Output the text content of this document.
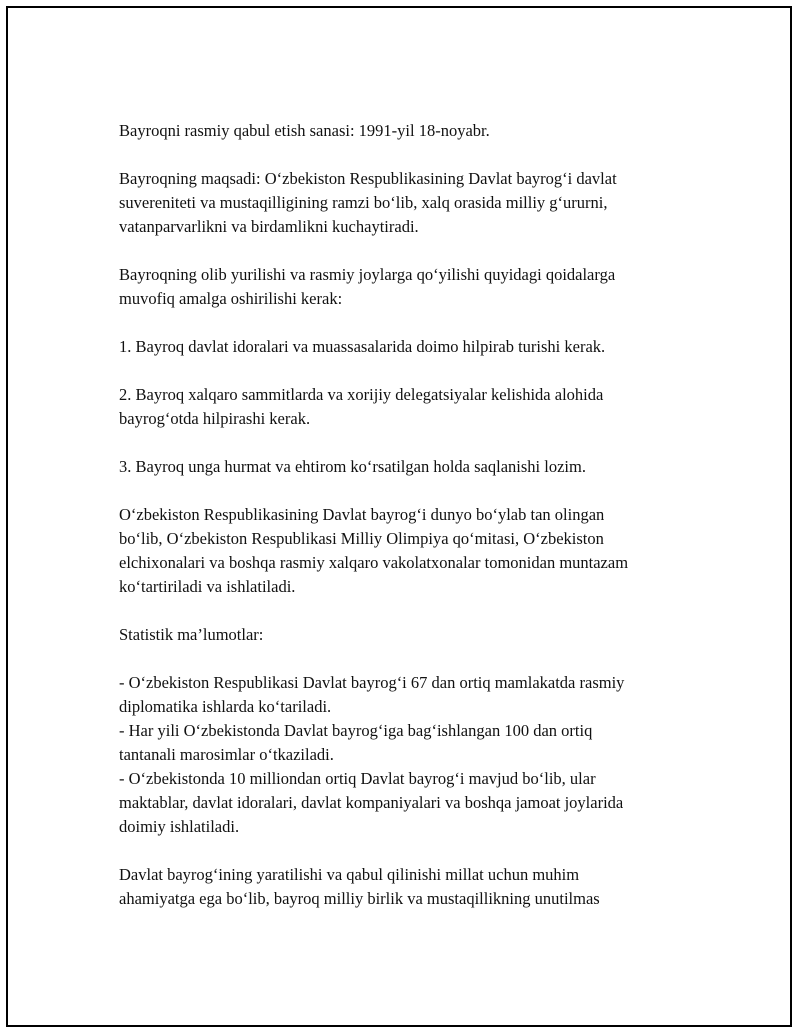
Bayroqni rasmiy qabul etish sanasi: 1991-yil 18-noyabr.

Bayroqning maqsadi: O‘zbekiston Respublikasining Davlat bayrog‘i davlat
suvereniteti va mustaqilligining ramzi bo‘lib, xalq orasida milliy g‘ururni,
vatanparvarlikni va birdamlikni kuchaytiradi.

Bayroqning olib yurilishi va rasmiy joylarga qo‘yilishi quyidagi qoidalarga
muvofiq amalga oshirilishi kerak:

1. Bayroq davlat idoralari va muassasalarida doimo hilpirab turishi kerak.

2. Bayroq xalqaro sammitlarda va xorijiy delegatsiyalar kelishida alohida
bayrog‘otda hilpirashi kerak.

3. Bayroq unga hurmat va ehtirom ko‘rsatilgan holda saqlanishi lozim.

O‘zbekiston Respublikasining Davlat bayrog‘i dunyo bo‘ylab tan olingan
bo‘lib, O‘zbekiston Respublikasi Milliy Olimpiya qo‘mitasi, O‘zbekiston
elchixonalari va boshqa rasmiy xalqaro vakolatxonalar tomonidan muntazam
ko‘tartiriladi va ishlatiladi.

Statistik ma’lumotlar:

- O‘zbekiston Respublikasi Davlat bayrog‘i 67 dan ortiq mamlakatda rasmiy
diplomatika ishlarda ko‘tariladi.

- Har yili O‘zbekistonda Davlat bayrog‘iga bag‘ishlangan 100 dan ortiq
tantanali marosimlar o‘tkaziladi.

- O‘zbekistonda 10 milliondan ortiq Davlat bayrog‘i mavjud bo‘lib, ular
maktablar, davlat idoralari, davlat kompaniyalari va boshqa jamoat joylarida
doimiy ishlatiladi.

Davlat bayrog‘ining yaratilishi va qabul qilinishi millat uchun muhim
ahamiyatga ega bo‘lib, bayroq milliy birlik va mustaqillikning unutilmas
